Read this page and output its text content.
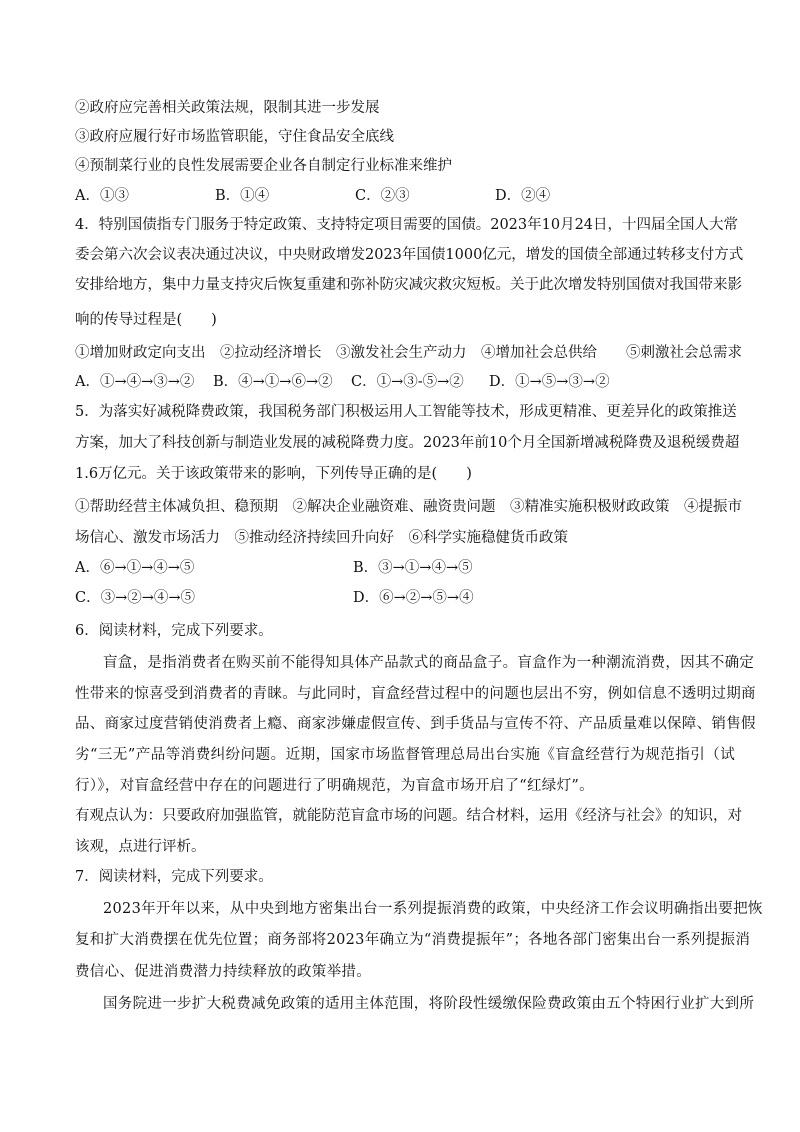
②政府应完善相关政策法规，限制其进一步发展
③政府应履行好市场监管职能，守住食品安全底线
④预制菜行业的良性发展需要企业各自制定行业标准来维护
A．①③	B．①④	C．②③	D．②④
4．特别国债指专门服务于特定政策、支持特定项目需要的国债。2023年10月24日，十四届全国人大常
委会第六次会议表决通过决议，中央财政增发2023年国债1000亿元，增发的国债全部通过转移支付方式
安排给地方，集中力量支持灾后恢复重建和弥补防灾减灾救灾短板。关于此次增发特别国债对我国带来影
响的传导过程是(　　)
①增加财政定向支出　②拉动经济增长　③激发社会生产动力　④增加社会总供给　　⑤刺激社会总需求
A．①→④→③→②	B．④→①→⑥→②	C．①→③-⑤→②	D．①→⑤→③→②
5．为落实好减税降费政策，我国税务部门积极运用人工智能等技术，形成更精准、更差异化的政策推送
方案，加大了科技创新与制造业发展的减税降费力度。2023年前10个月全国新增减税降费及退税缓费超
1.6万亿元。关于该政策带来的影响，下列传导正确的是(　　)
①帮助经营主体减负担、稳预期　②解决企业融资难、融资贵问题　③精准实施积极财政政策　④提振市
场信心、激发市场活力　⑤推动经济持续回升向好　⑥科学实施稳健货币政策
A．⑥→①→④→⑤	B．③→①→④→⑤
C．③→②→④→⑤	D．⑥→②→⑤→④
6．阅读材料，完成下列要求。
盲盒，是指消费者在购买前不能得知具体产品款式的商品盒子。盲盒作为一种潮流消费，因其不确定
性带来的惊喜受到消费者的青睐。与此同时，盲盒经营过程中的问题也层出不穷，例如信息不透明过期商
品、商家过度营销使消费者上瘾、商家涉嫌虚假宣传、到手货品与宣传不符、产品质量难以保障、销售假
劣“三无”产品等消费纠纷问题。近期，国家市场监督管理总局出台实施《盲盒经营行为规范指引（试
行）》，对盲盒经营中存在的问题进行了明确规范，为盲盒市场开启了“红绿灯”。
有观点认为：只要政府加强监管，就能防范盲盒市场的问题。结合材料，运用《经济与社会》的知识，对
该观，点进行评析。
7．阅读材料，完成下列要求。
2023年开年以来，从中央到地方密集出台一系列提振消费的政策，中央经济工作会议明确指出要把恢
复和扩大消费摆在优先位置；商务部将2023年确立为“消费提振年”；各地各部门密集出台一系列提振消
费信心、促进消费潜力持续释放的政策举措。
国务院进一步扩大税费减免政策的适用主体范围，将阶段性缓缴保险费政策由五个特困行业扩大到所
